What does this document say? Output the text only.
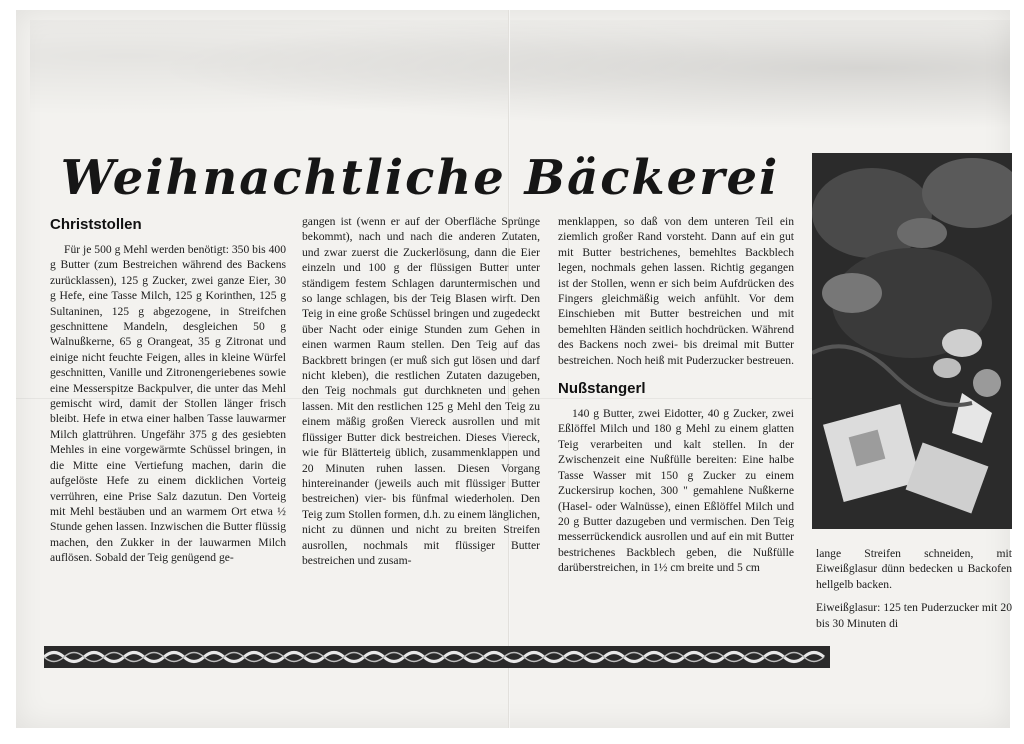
Weihnachtliche Bäckerei
Christstollen

Für je 500 g Mehl werden benötigt: 350 bis 400 g Butter (zum Bestreichen während des Backens zurücklassen), 125 g Zucker, zwei ganze Eier, 30 g Hefe, eine Tasse Milch, 125 g Korinthen, 125 g Sultaninen, 125 g abgezogene, in Streifchen geschnittene Mandeln, desgleichen 50 g Walnußkerne, 65 g Orangeat, 35 g Zitronat und einige nicht feuchte Feigen, alles in kleine Würfel geschnitten, Vanille und Zitronengeriebenes sowie eine Messerspitze Backpulver, die unter das Mehl gemischt wird, damit der Stollen länger frisch bleibt. Hefe in etwa einer halben Tasse lauwarmer Milch glattrühren. Ungefähr 375 g des gesiebten Mehles in eine vorgewärmte Schüssel bringen, in die Mitte eine Vertiefung machen, darin die aufgelöste Hefe zu einem dicklichen Vorteig verrühren, eine Prise Salz dazutun. Den Vorteig mit Mehl bestäuben und an warmem Ort etwa ½ Stunde gehen lassen. Inzwischen die Butter flüssig machen, den Zukker in der lauwarmen Milch auflösen. Sobald der Teig genügend ge-

gangen ist (wenn er auf der Oberfläche Sprünge bekommt), nach und nach die anderen Zutaten, und zwar zuerst die Zuckerlösung, dann die Eier einzeln und 100 g der flüssigen Butter unter ständigem festem Schlagen daruntermischen und so lange schlagen, bis der Teig Blasen wirft. Den Teig in eine große Schüssel bringen und zugedeckt über Nacht oder einige Stunden zum Gehen in einen warmen Raum stellen. Den Teig auf das Backbrett bringen (er muß sich gut lösen und darf nicht kleben), die restlichen Zutaten dazugeben, den Teig nochmals gut durchkneten und gehen lassen. Mit den restlichen 125 g Mehl den Teig zu einem mäßig großen Viereck ausrollen und mit flüssiger Butter dick bestreichen. Dieses Viereck, wie für Blätterteig üblich, zusammenklappen und 20 Minuten ruhen lassen. Diesen Vorgang hintereinander (jeweils auch mit flüssiger Butter bestreichen) vier- bis fünfmal wiederholen. Den Teig zum Stollen formen, d.h. zu einem länglichen, nicht zu dünnen und nicht zu breiten Streifen ausrollen, nochmals mit flüssiger Butter bestreichen und zusam-

menklappen, so daß von dem unteren Teil ein ziemlich großer Rand vorsteht. Dann auf ein gut mit Butter bestrichenes, bemehltes Backblech legen, nochmals gehen lassen. Richtig gegangen ist der Stollen, wenn er sich beim Aufdrücken des Fingers gleichmäßig weich anfühlt. Vor dem Einschieben mit Butter bestreichen und mit bemehlten Händen seitlich hochdrücken. Während des Backens noch zwei- bis dreimal mit Butter bestreichen. Noch heiß mit Puderzucker bestreuen.

Nußstangerl

140 g Butter, zwei Eidotter, 40 g Zucker, zwei Eßlöffel Milch und 180 g Mehl zu einem glatten Teig verarbeiten und kalt stellen. In der Zwischenzeit eine Nußfülle bereiten: Eine halbe Tasse Wasser mit 150 g Zucker zu einem Zuckersirup kochen, 300 " gemahlene Nußkerne (Hasel- oder Walnüsse), einen Eßlöffel Milch und 20 g Butter dazugeben und vermischen. Den Teig messerrückendick ausrollen und auf ein mit Butter bestrichenes Backblech geben, die Nußfülle darüberstreichen, in 1½ cm breite und 5 cm

lange Streifen schneiden, mit Eiweißglasur dünn bedecken u Backofen hellgelb backen.

Eiweißglasur: 125 ten Puderzucker mit 20 bis 30 Minuten di
